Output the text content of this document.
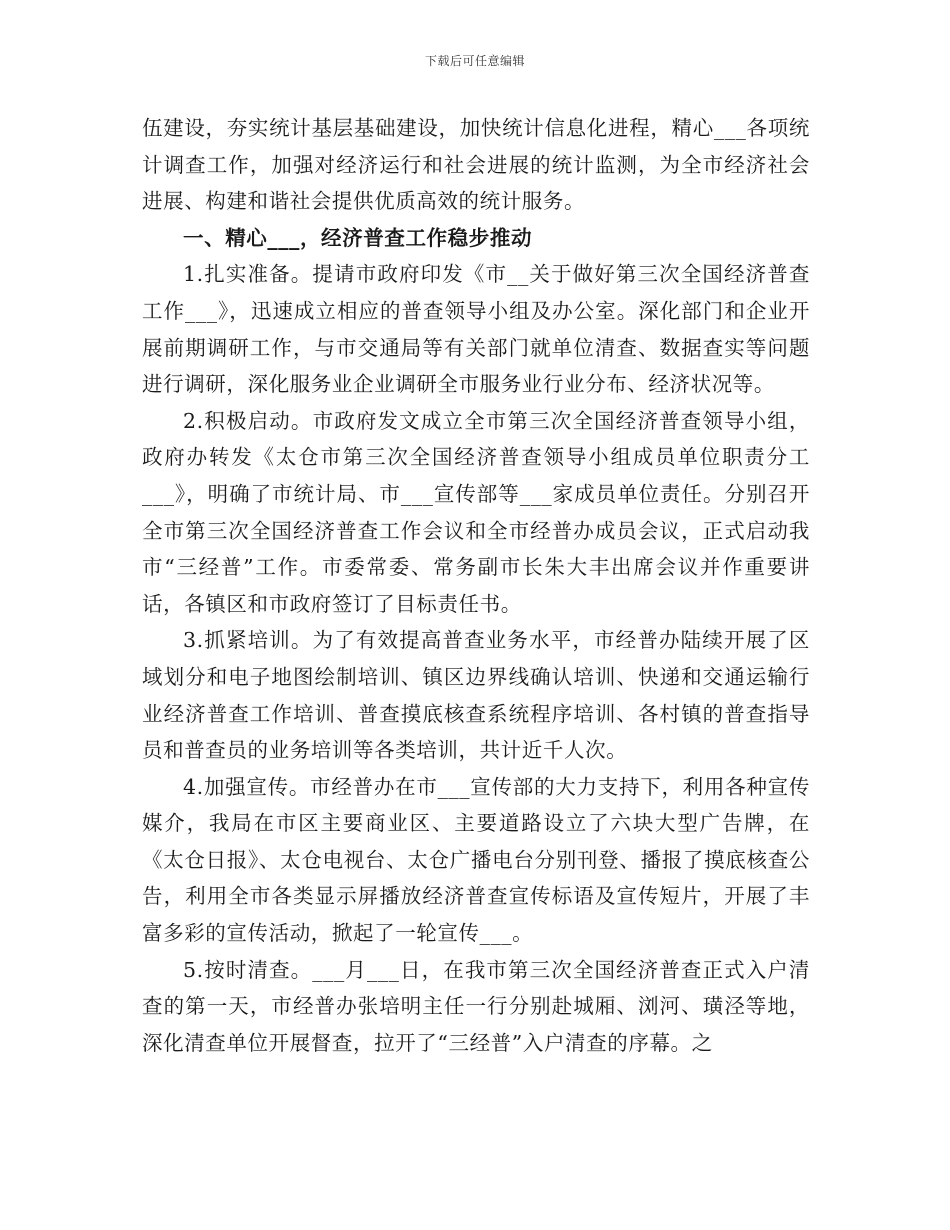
下载后可任意编辑

伍建设，夯实统计基层基础建设，加快统计信息化进程，精心___各项统计调查工作，加强对经济运行和社会进展的统计监测，为全市经济社会进展、构建和谐社会提供优质高效的统计服务。

一、精心___，经济普查工作稳步推动

1.扎实准备。提请市政府印发《市__关于做好第三次全国经济普查工作___》，迅速成立相应的普查领导小组及办公室。深化部门和企业开展前期调研工作，与市交通局等有关部门就单位清查、数据查实等问题进行调研，深化服务业企业调研全市服务业行业分布、经济状况等。

2.积极启动。市政府发文成立全市第三次全国经济普查领导小组，政府办转发《太仓市第三次全国经济普查领导小组成员单位职责分工___》，明确了市统计局、市___宣传部等___家成员单位责任。分别召开全市第三次全国经济普查工作会议和全市经普办成员会议，正式启动我市“三经普”工作。市委常委、常务副市长朱大丰出席会议并作重要讲话，各镇区和市政府签订了目标责任书。

3.抓紧培训。为了有效提高普查业务水平，市经普办陆续开展了区域划分和电子地图绘制培训、镇区边界线确认培训、快递和交通运输行业经济普查工作培训、普查摸底核查系统程序培训、各村镇的普查指导员和普查员的业务培训等各类培训，共计近千人次。

4.加强宣传。市经普办在市___宣传部的大力支持下，利用各种宣传媒介，我局在市区主要商业区、主要道路设立了六块大型广告牌，在《太仓日报》、太仓电视台、太仓广播电台分别刊登、播报了摸底核查公告，利用全市各类显示屏播放经济普查宣传标语及宣传短片，开展了丰富多彩的宣传活动，掀起了一轮宣传___。

5.按时清查。___月___日，在我市第三次全国经济普查正式入户清查的第一天，市经普办张培明主任一行分别赴城厢、浏河、璜泾等地，深化清查单位开展督查，拉开了“三经普”入户清查的序幕。之
